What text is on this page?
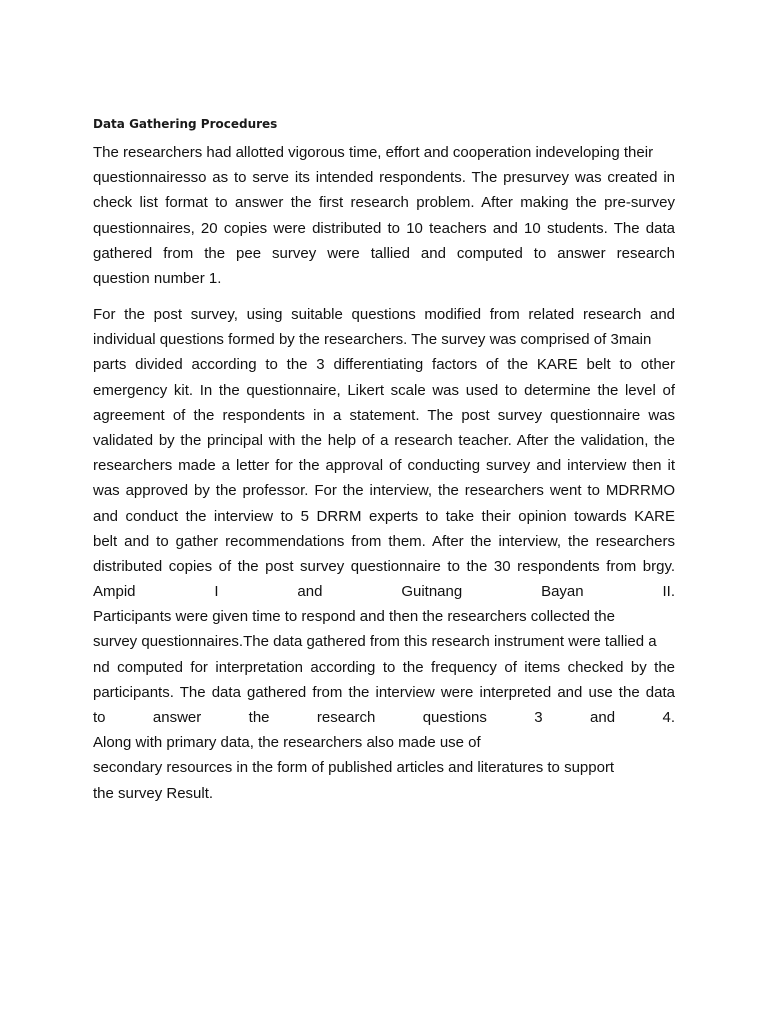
Data Gathering Procedures
The researchers had allotted vigorous time, effort and cooperation indeveloping their
questionnairesso as to serve its intended respondents. The presurvey was created in
check list format to answer the first research problem. After making the pre-survey
questionnaires, 20 copies were distributed to 10 teachers and 10 students. The data
gathered from the pee survey were tallied and computed to answer research
question number 1.
For the post survey, using suitable questions modified from related research and
individual questions formed by the researchers. The survey was comprised of 3main
parts divided according to the 3 differentiating factors of the KARE belt to other
emergency kit. In the questionnaire, Likert scale was used to determine the level of
agreement of the respondents in a statement. The post survey questionnaire was
validated by the principal with the help of a research teacher. After the validation, the
researchers made a letter for the approval of conducting survey and interview then it
was approved by the professor. For the interview, the researchers went to MDRRMO
and conduct the interview to 5 DRRM experts to take their opinion towards KARE
belt and to gather recommendations from them. After the interview, the researchers
distributed copies of the post survey questionnaire to the 30 respondents from brgy.
Ampid I and Guitnang Bayan II.
Participants were given time to respond and then the researchers collected the
survey questionnaires.The data gathered from this research instrument were tallied a
nd computed for interpretation according to the frequency of items checked by the
participants. The data gathered from the interview were interpreted and use the data
to answer the research questions 3 and 4.
Along with primary data, the researchers also made use of
secondary resources in the form of published articles and literatures to support
the survey Result.
